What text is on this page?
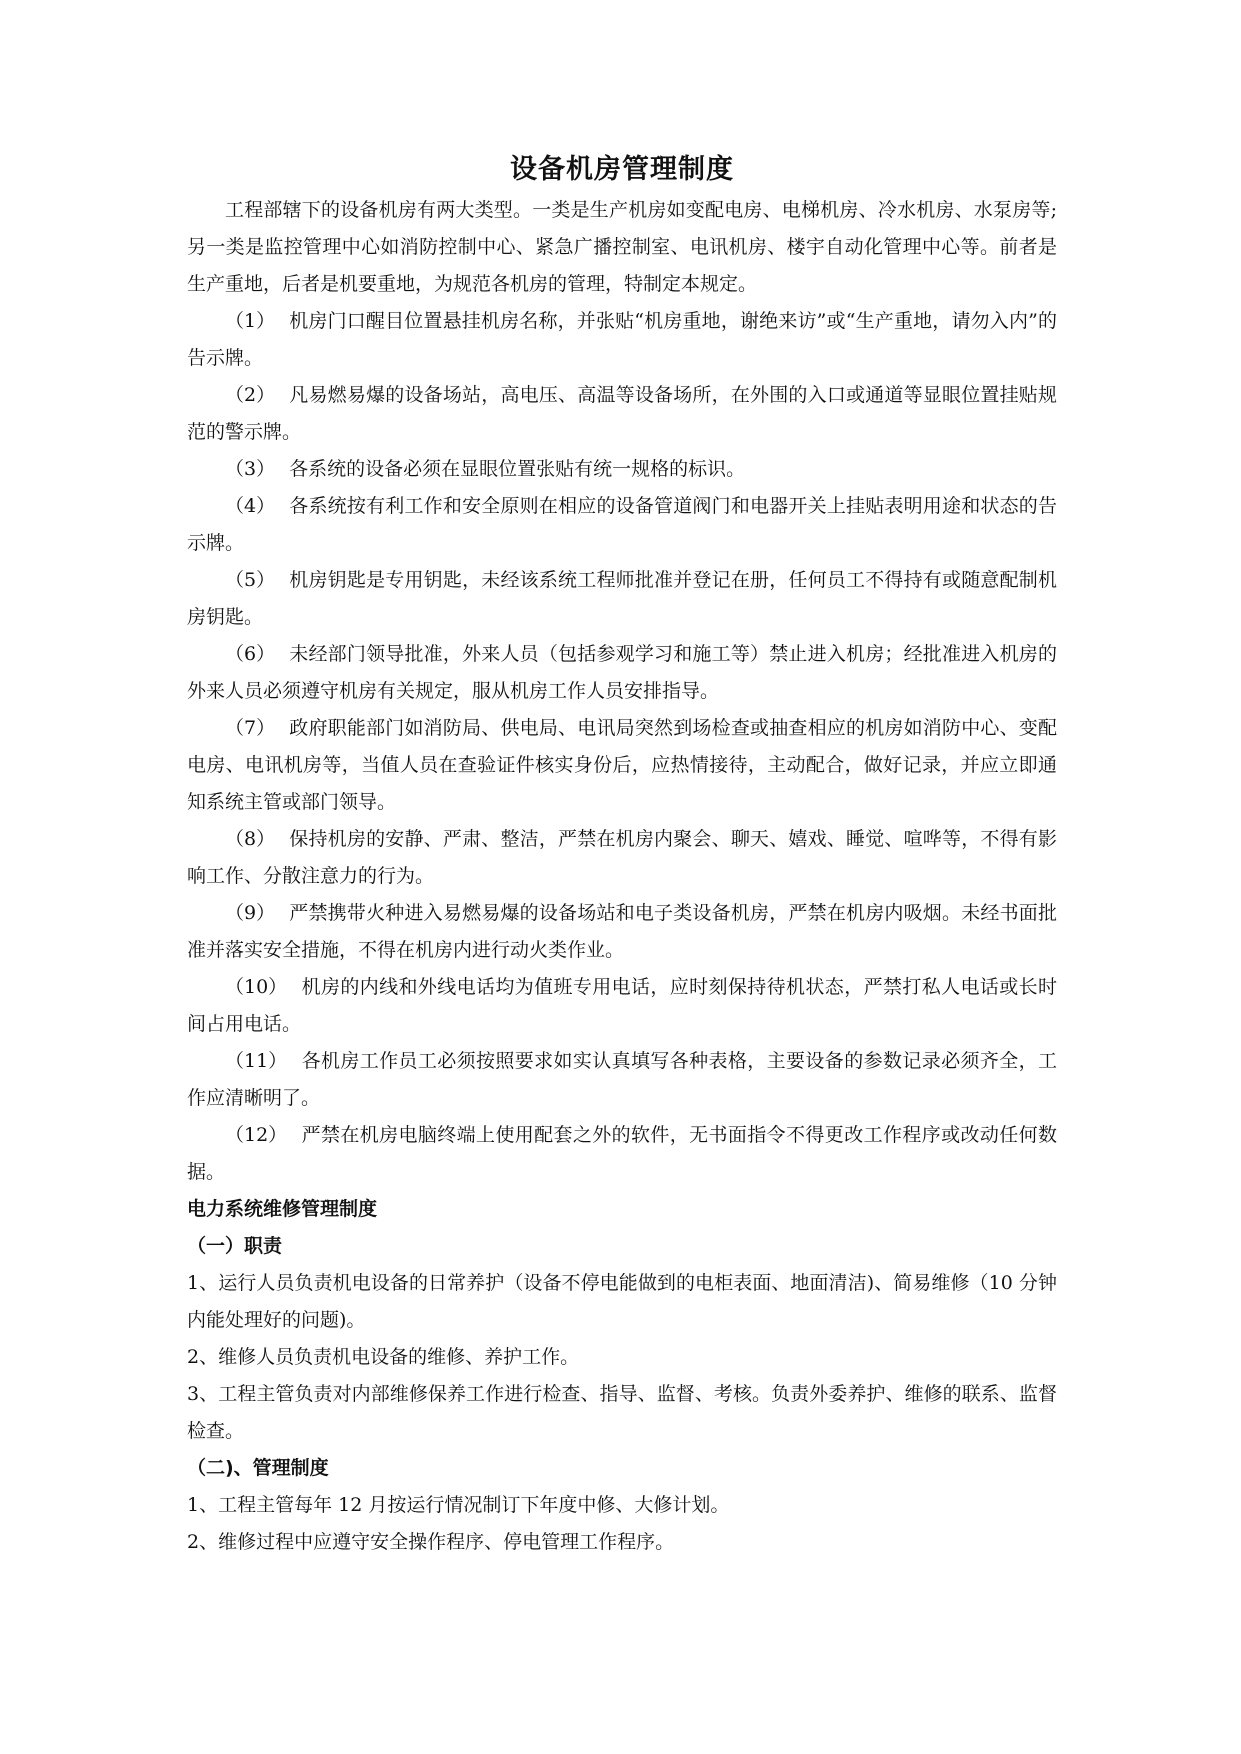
设备机房管理制度

工程部辖下的设备机房有两大类型。一类是生产机房如变配电房、电梯机房、冷水机房、水泵房等; 另一类是监控管理中心如消防控制中心、紧急广播控制室、电讯机房、楼宇自动化管理中心等。前者是生产重地，后者是机要重地，为规范各机房的管理，特制定本规定。

（1） 机房门口醒目位置悬挂机房名称，并张贴“机房重地，谢绝来访”或“生产重地，请勿入内”的告示牌。

（2） 凡易燃易爆的设备场站，高电压、高温等设备场所，在外围的入口或通道等显眼位置挂贴规范的警示牌。

（3） 各系统的设备必须在显眼位置张贴有统一规格的标识。

（4） 各系统按有利工作和安全原则在相应的设备管道阀门和电器开关上挂贴表明用途和状态的告示牌。

（5） 机房钥匙是专用钥匙，未经该系统工程师批准并登记在册，任何员工不得持有或随意配制机房钥匙。

（6） 未经部门领导批准，外来人员（包括参观学习和施工等）禁止进入机房；经批准进入机房的外来人员必须遵守机房有关规定，服从机房工作人员安排指导。

（7） 政府职能部门如消防局、供电局、电讯局突然到场检查或抽查相应的机房如消防中心、变配电房、电讯机房等，当值人员在查验证件核实身份后，应热情接待，主动配合，做好记录，并应立即通知系统主管或部门领导。

（8） 保持机房的安静、严肃、整洁，严禁在机房内聚会、聊天、嬉戏、睡觉、喧哗等，不得有影响工作、分散注意力的行为。

（9） 严禁携带火种进入易燃易爆的设备场站和电子类设备机房，严禁在机房内吸烟。未经书面批准并落实安全措施，不得在机房内进行动火类作业。

（10） 机房的内线和外线电话均为值班专用电话，应时刻保持待机状态，严禁打私人电话或长时间占用电话。

（11） 各机房工作员工必须按照要求如实认真填写各种表格，主要设备的参数记录必须齐全，工作应清晰明了。

（12） 严禁在机房电脑终端上使用配套之外的软件，无书面指令不得更改工作程序或改动任何数据。

电力系统维修管理制度
（一）职责

1、运行人员负责机电设备的日常养护（设备不停电能做到的电柜表面、地面清洁)、简易维修（10 分钟内能处理好的问题)。

2、维修人员负责机电设备的维修、养护工作。

3、工程主管负责对内部维修保养工作进行检查、指导、监督、考核。负责外委养护、维修的联系、监督检查。

（二)、管理制度

1、工程主管每年 12 月按运行情况制订下年度中修、大修计划。

2、维修过程中应遵守安全操作程序、停电管理工作程序。
